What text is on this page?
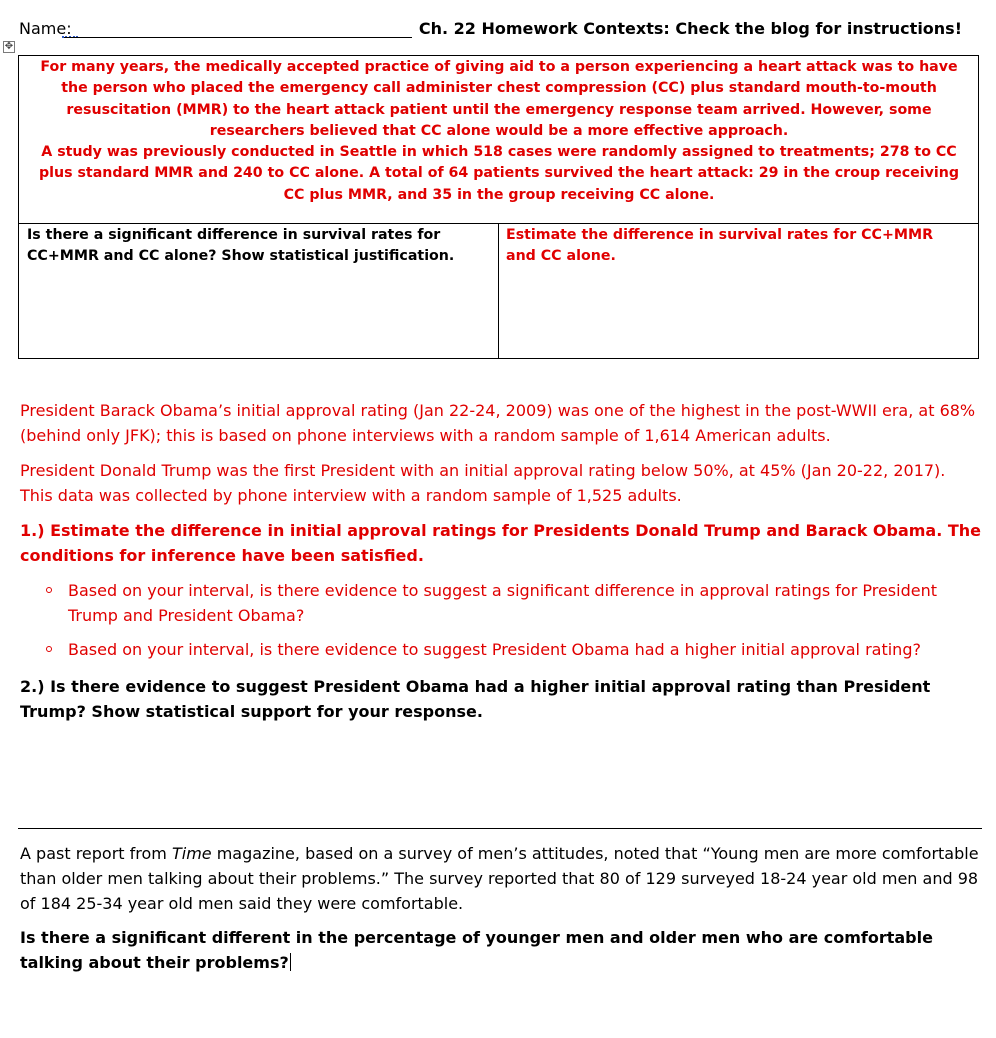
Name:	Ch. 22 Homework Contexts: Check the blog for instructions!
✥

For many years, the medically accepted practice of giving aid to a person experiencing a heart attack was to have the person who placed the emergency call administer chest compression (CC) plus standard mouth-to-mouth resuscitation (MMR) to the heart attack patient until the emergency response team arrived. However, some researchers believed that CC alone would be a more effective approach.

A study was previously conducted in Seattle in which 518 cases were randomly assigned to treatments; 278 to CC plus standard MMR and 240 to CC alone. A total of 64 patients survived the heart attack: 29 in the croup receiving CC plus MMR, and 35 in the group receiving CC alone.

Is there a significant difference in survival rates for CC+MMR and CC alone? Show statistical justification.
Estimate the difference in survival rates for CC+MMR and CC alone.
President Barack Obama’s initial approval rating (Jan 22-24, 2009) was one of the highest in the post-WWII era, at 68% (behind only JFK); this is based on phone interviews with a random sample of 1,614 American adults.
President Donald Trump was the first President with an initial approval rating below 50%, at 45% (Jan 20-22, 2017). This data was collected by phone interview with a random sample of 1,525 adults.
1.) Estimate the difference in initial approval ratings for Presidents Donald Trump and Barack Obama. The conditions for inference have been satisfied.
Based on your interval, is there evidence to suggest a significant difference in approval ratings for President Trump and President Obama?
Based on your interval, is there evidence to suggest President Obama had a higher initial approval rating?
2.) Is there evidence to suggest President Obama had a higher initial approval rating than President Trump? Show statistical support for your response.
A past report from Time magazine, based on a survey of men’s attitudes, noted that “Young men are more comfortable than older men talking about their problems.” The survey reported that 80 of 129 surveyed 18-24 year old men and 98 of 184 25-34 year old men said they were comfortable.
Is there a significant different in the percentage of younger men and older men who are comfortable talking about their problems?
